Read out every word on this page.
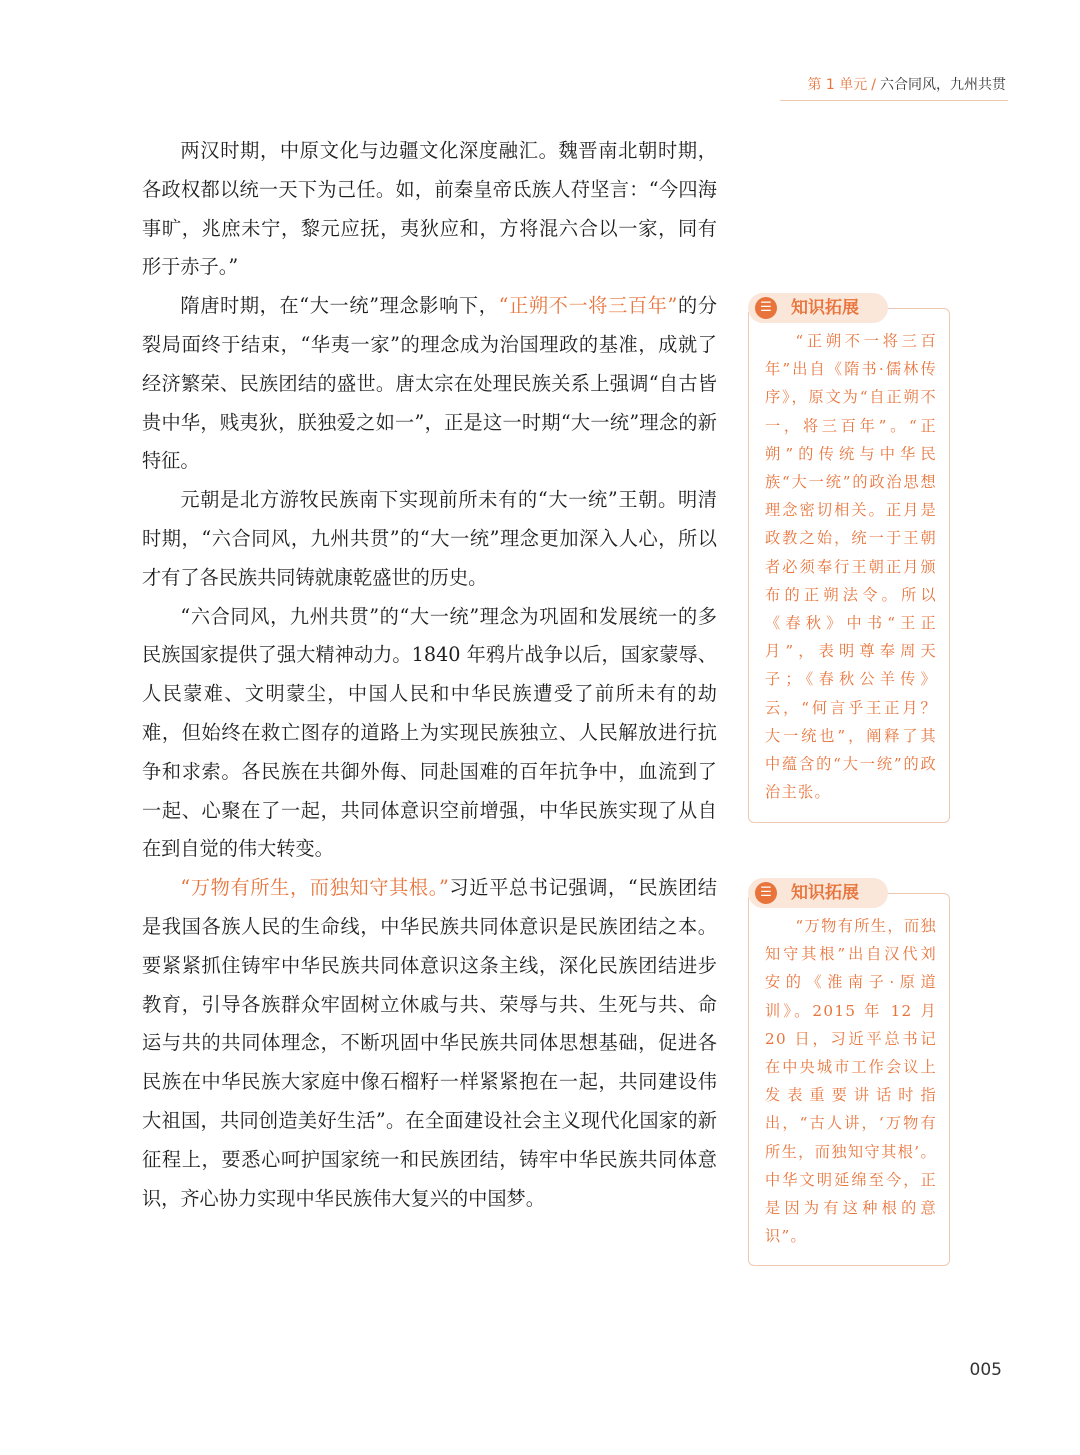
第 1 单元 / 六合同风，九州共贯

两汉时期，中原文化与边疆文化深度融汇。魏晋南北朝时期，各政权都以统一天下为己任。如，前秦皇帝氐族人苻坚言：“今四海事旷，兆庶未宁，黎元应抚，夷狄应和，方将混六合以一家，同有形于赤子。”

隋唐时期，在“大一统”理念影响下，“正朔不一将三百年”的分裂局面终于结束，“华夷一家”的理念成为治国理政的基准，成就了经济繁荣、民族团结的盛世。唐太宗在处理民族关系上强调“自古皆贵中华，贱夷狄，朕独爱之如一”，正是这一时期“大一统”理念的新特征。

元朝是北方游牧民族南下实现前所未有的“大一统”王朝。明清时期，“六合同风，九州共贯”的“大一统”理念更加深入人心，所以才有了各民族共同铸就康乾盛世的历史。

“六合同风，九州共贯”的“大一统”理念为巩固和发展统一的多民族国家提供了强大精神动力。1840 年鸦片战争以后，国家蒙辱、人民蒙难、文明蒙尘，中国人民和中华民族遭受了前所未有的劫难，但始终在救亡图存的道路上为实现民族独立、人民解放进行抗争和求索。各民族在共御外侮、同赴国难的百年抗争中，血流到了一起、心聚在了一起，共同体意识空前增强，中华民族实现了从自在到自觉的伟大转变。

“万物有所生，而独知守其根。”习近平总书记强调，“民族团结是我国各族人民的生命线，中华民族共同体意识是民族团结之本。要紧紧抓住铸牢中华民族共同体意识这条主线，深化民族团结进步教育，引导各族群众牢固树立休戚与共、荣辱与共、生死与共、命运与共的共同体理念，不断巩固中华民族共同体思想基础，促进各民族在中华民族大家庭中像石榴籽一样紧紧抱在一起，共同建设伟大祖国，共同创造美好生活”。在全面建设社会主义现代化国家的新征程上，要悉心呵护国家统一和民族团结，铸牢中华民族共同体意识，齐心协力实现中华民族伟大复兴的中国梦。

☰	知识拓展

“正朔不一将三百年”出自《隋书·儒林传序》，原文为“自正朔不一，将三百年”。“正朔”的传统与中华民族“大一统”的政治思想理念密切相关。正月是政教之始，统一于王朝者必须奉行王朝正月颁布的正朔法令。所以《春秋》中书“王正月”，表明尊奉周天子；《春秋公羊传》云，“何言乎王正月？大一统也”，阐释了其中蕴含的“大一统”的政治主张。

☰	知识拓展

“万物有所生，而独知守其根”出自汉代刘安的《淮南子·原道训》。2015 年 12 月 20 日，习近平总书记在中央城市工作会议上发表重要讲话时指出，“古人讲，‘万物有所生，而独知守其根’。中华文明延绵至今，正是因为有这种根的意识”。

005
